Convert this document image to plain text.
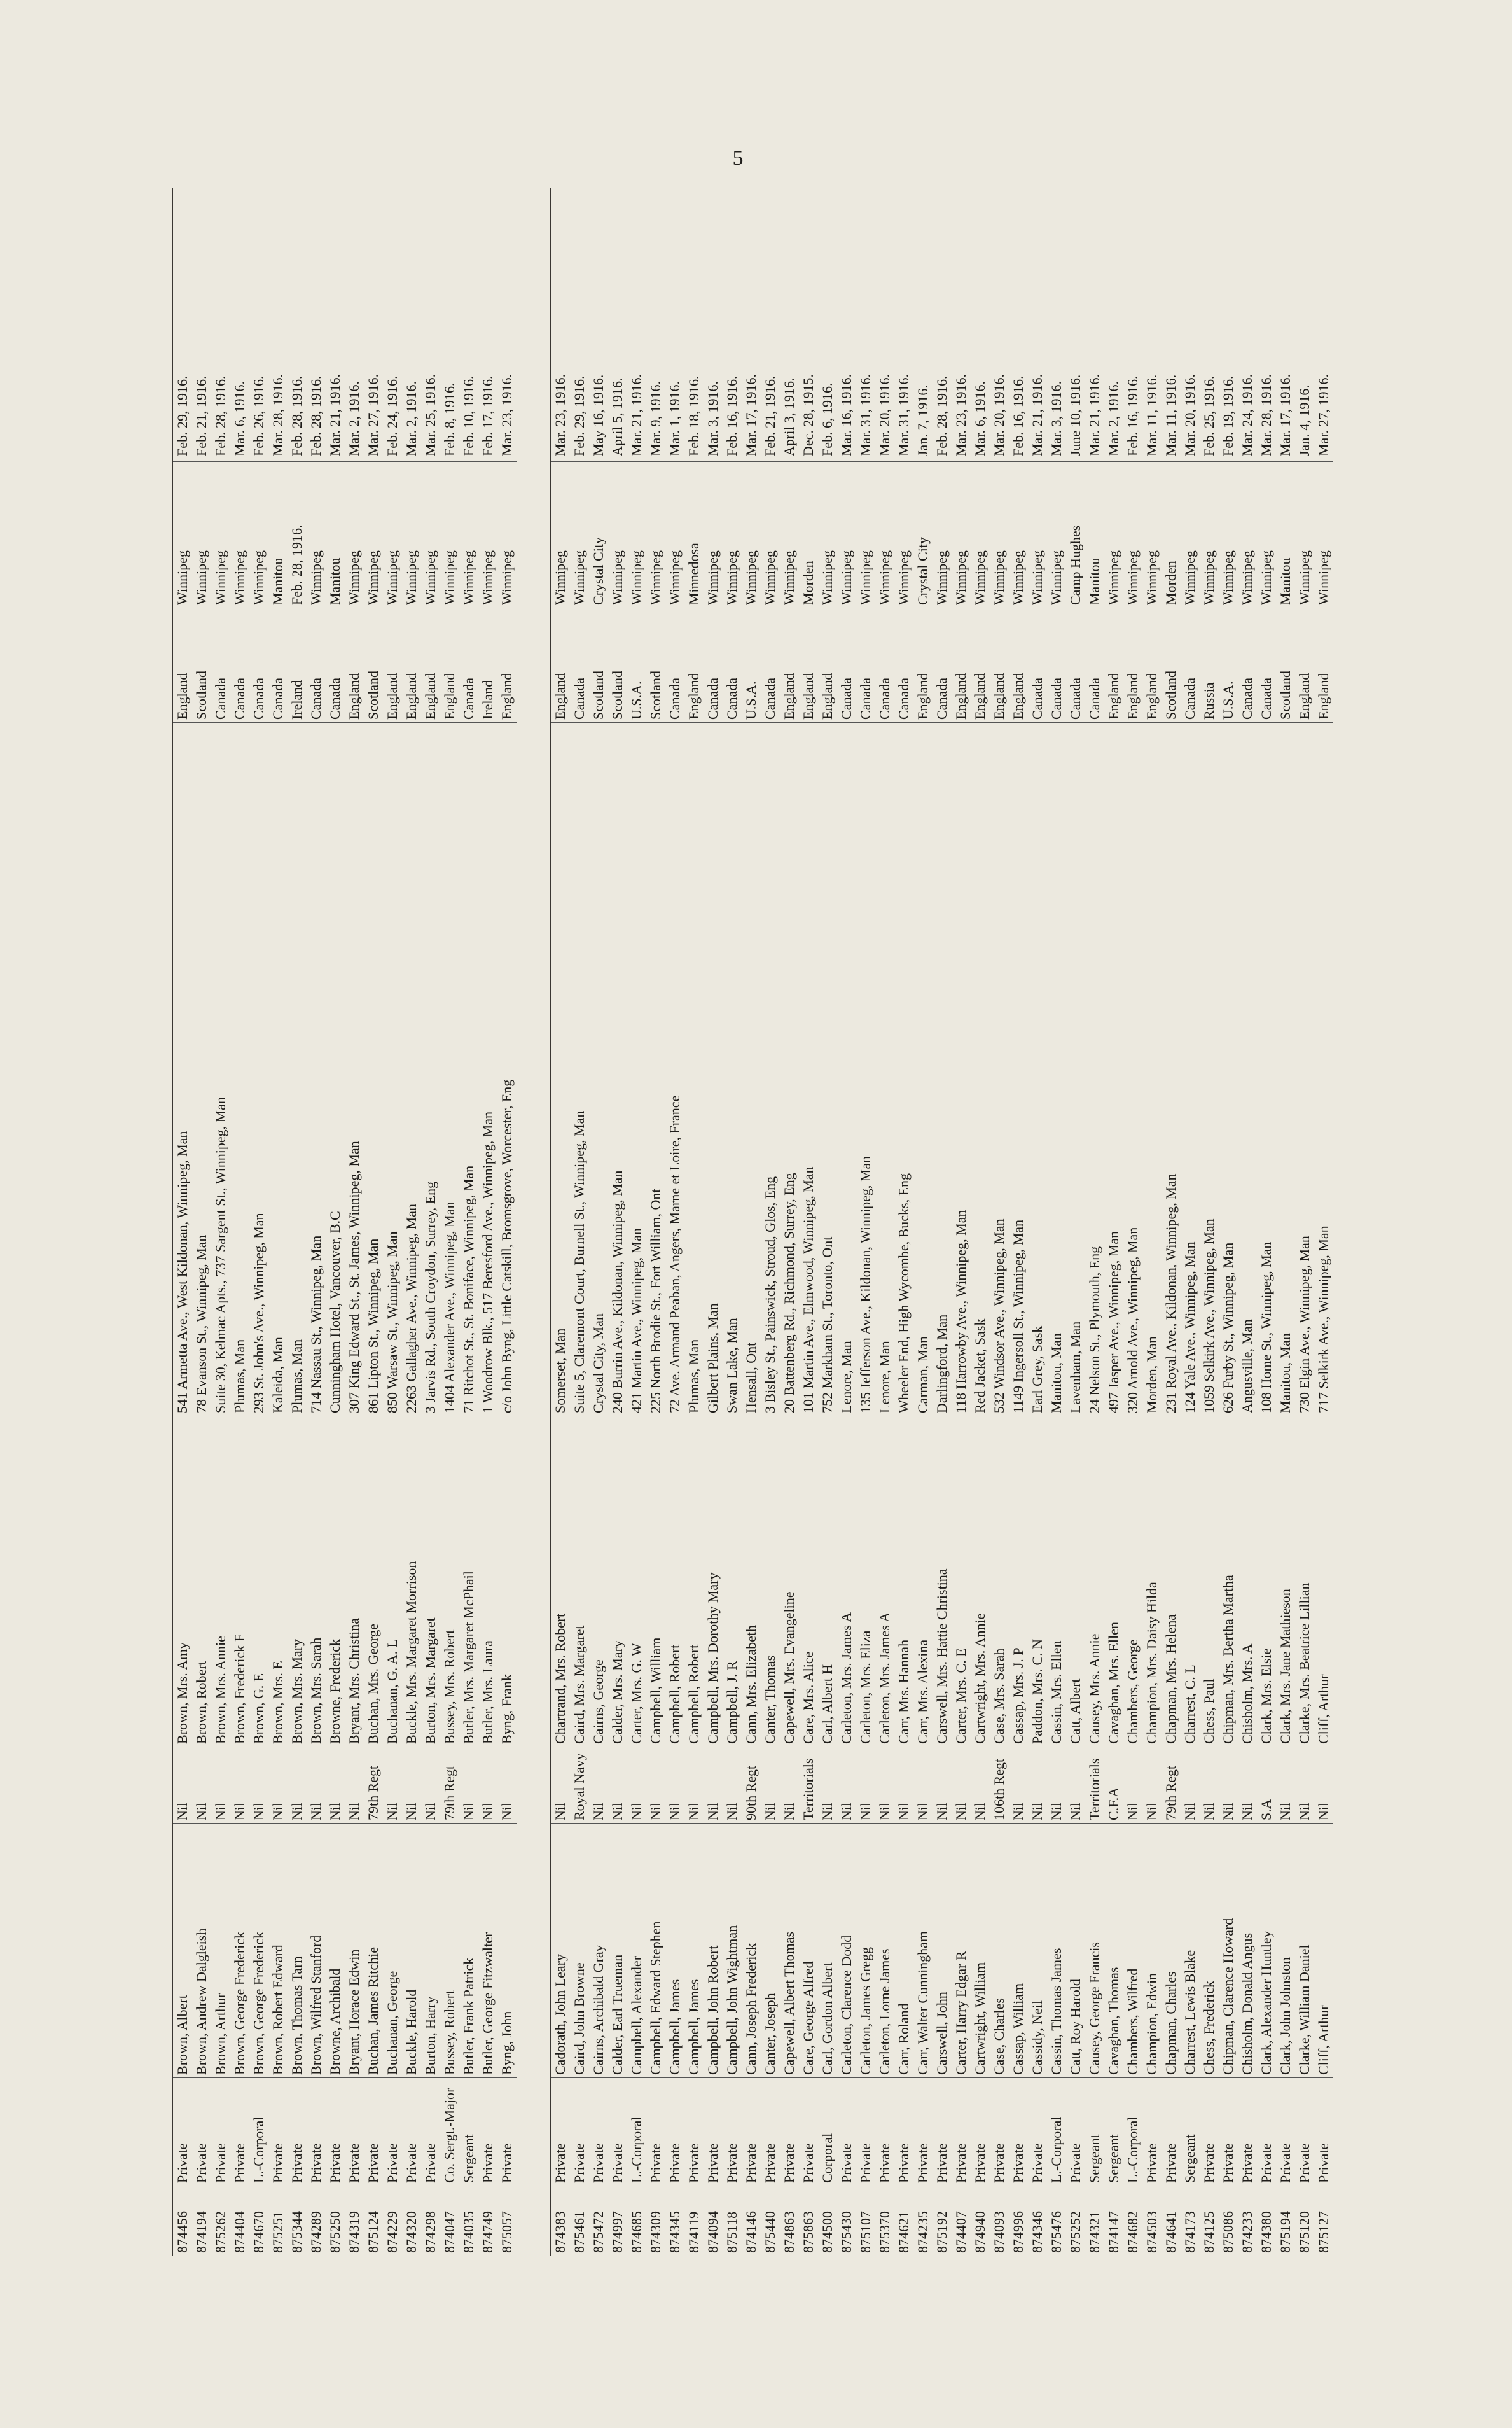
5
874456
Private
Brown, Albert
Nil
Brown, Mrs. Amy
541 Armetta Ave., West Kildonan, Winnipeg, Man
England
Winnipeg
Feb. 29, 1916.
874194
Private
Brown, Andrew Dalgleish
Nil
Brown, Robert
78 Evanson St., Winnipeg, Man
Scotland
Winnipeg
Feb. 21, 1916.
875262
Private
Brown, Arthur
Nil
Brown, Mrs. Annie
Suite 30, Kelmac Apts., 737 Sargent St., Winnipeg, Man
Canada
Winnipeg
Feb. 28, 1916.
874404
Private
Brown, George Frederick
Nil
Brown, Frederick F
Plumas, Man
Canada
Winnipeg
Mar. 6, 1916.
874670
L.-Corporal
Brown, George Frederick
Nil
Brown, G. E
293 St. John's Ave., Winnipeg, Man
Canada
Winnipeg
Feb. 26, 1916.
875251
Private
Brown, Robert Edward
Nil
Brown, Mrs. E
Kaleida, Man
Canada
Manitou
Mar. 28, 1916.
875344
Private
Brown, Thomas Tarn
Nil
Brown, Mrs. Mary
Plumas, Man
Ireland
Feb. 28, 1916.
Feb. 28, 1916.
874289
Private
Brown, Wilfred Stanford
Nil
Brown, Mrs. Sarah
714 Nassau St., Winnipeg, Man
Canada
Winnipeg
Feb. 28, 1916.
875250
Private
Browne, Archibald
Nil
Browne, Frederick
Cunningham Hotel, Vancouver, B.C
Canada
Manitou
Mar. 21, 1916.
874319
Private
Bryant, Horace Edwin
Nil
Bryant, Mrs. Christina
307 King Edward St., St. James, Winnipeg, Man
England
Winnipeg
Mar. 2, 1916.
875124
Private
Buchan, James Ritchie
79th Regt
Buchan, Mrs. George
861 Lipton St., Winnipeg, Man
Scotland
Winnipeg
Mar. 27, 1916.
874229
Private
Buchanan, George
Nil
Buchanan, G. A. L
850 Warsaw St., Winnipeg, Man
England
Winnipeg
Feb. 24, 1916.
874320
Private
Buckle, Harold
Nil
Buckle, Mrs. Margaret Morrison
2263 Gallagher Ave., Winnipeg, Man
England
Winnipeg
Mar. 2, 1916.
874298
Private
Burton, Harry
Nil
Burton, Mrs. Margaret
3 Jarvis Rd., South Croydon, Surrey, Eng
England
Winnipeg
Mar. 25, 1916.
874047
Co. Sergt.-Major
Bussey, Robert
79th Regt
Bussey, Mrs. Robert
1404 Alexander Ave., Winnipeg, Man
England
Winnipeg
Feb. 8, 1916.
874035
Sergeant
Butler, Frank Patrick
Nil
Butler, Mrs. Margaret McPhail
71 Ritchot St., St. Boniface, Winnipeg, Man
Canada
Winnipeg
Feb. 10, 1916.
874749
Private
Butler, George Fitzwalter
Nil
Butler, Mrs. Laura
1 Woodrow Blk., 517 Beresford Ave., Winnipeg, Man
Ireland
Winnipeg
Feb. 17, 1916.
875057
Private
Byng, John
Nil
Byng, Frank
c/o John Byng, Little Catskill, Bromsgrove, Worcester, Eng
England
Winnipeg
Mar. 23, 1916.
874383
Private
Cadorath, John Leary
Nil
Chartrand, Mrs. Robert
Somerset, Man
England
Winnipeg
Mar. 23, 1916.
875461
Private
Caird, John Browne
Royal Navy
Caird, Mrs. Margaret
Suite 5, Claremont Court, Burnell St., Winnipeg, Man
Canada
Winnipeg
Feb. 29, 1916.
875472
Private
Cairns, Archibald Gray
Nil
Cairns, George
Crystal City, Man
Scotland
Crystal City
May 16, 1916.
874997
Private
Calder, Earl Trueman
Nil
Calder, Mrs. Mary
240 Burrin Ave., Kildonan, Winnipeg, Man
Scotland
Winnipeg
April 5, 1916.
874685
L.-Corporal
Campbell, Alexander
Nil
Carter, Mrs. G. W
421 Martin Ave., Winnipeg, Man
U.S.A.
Winnipeg
Mar. 21, 1916.
874309
Private
Campbell, Edward Stephen
Nil
Campbell, William
225 North Brodie St., Fort William, Ont
Scotland
Winnipeg
Mar. 9, 1916.
874345
Private
Campbell, James
Nil
Campbell, Robert
72 Ave. Armand Peaban, Angers, Marne et Loire, France
Canada
Winnipeg
Mar. 1, 1916.
874119
Private
Campbell, James
Nil
Campbell, Robert
Plumas, Man
England
Minnedosa
Feb. 18, 1916.
874094
Private
Campbell, John Robert
Nil
Campbell, Mrs. Dorothy Mary
Gilbert Plains, Man
Canada
Winnipeg
Mar. 3, 1916.
875118
Private
Campbell, John Wightman
Nil
Campbell, J. R
Swan Lake, Man
Canada
Winnipeg
Feb. 16, 1916.
874146
Private
Cann, Joseph Frederick
90th Regt
Cann, Mrs. Elizabeth
Hensall, Ont
U.S.A.
Winnipeg
Mar. 17, 1916.
875440
Private
Canter, Joseph
Nil
Canter, Thomas
3 Bisley St., Painswick, Stroud, Glos, Eng
Canada
Winnipeg
Feb. 21, 1916.
874863
Private
Capewell, Albert Thomas
Nil
Capewell, Mrs. Evangeline
20 Battenberg Rd., Richmond, Surrey, Eng
England
Winnipeg
April 3, 1916.
875863
Private
Care, George Alfred
Territorials
Care, Mrs. Alice
101 Martin Ave., Elmwood, Winnipeg, Man
England
Morden
Dec. 28, 1915.
874500
Corporal
Carl, Gordon Albert
Nil
Carl, Albert H
752 Markham St., Toronto, Ont
England
Winnipeg
Feb. 6, 1916.
875430
Private
Carleton, Clarence Dodd
Nil
Carleton, Mrs. James A
Lenore, Man
Canada
Winnipeg
Mar. 16, 1916.
875107
Private
Carleton, James Gregg
Nil
Carleton, Mrs. Eliza
135 Jefferson Ave., Kildonan, Winnipeg, Man
Canada
Winnipeg
Mar. 31, 1916.
875370
Private
Carleton, Lorne James
Nil
Carleton, Mrs. James A
Lenore, Man
Canada
Winnipeg
Mar. 20, 1916.
874621
Private
Carr, Roland
Nil
Carr, Mrs. Hannah
Wheeler End, High Wycombe, Bucks, Eng
Canada
Winnipeg
Mar. 31, 1916.
874235
Private
Carr, Walter Cunningham
Nil
Carr, Mrs. Alexina
Carman, Man
England
Crystal City
Jan. 7, 1916.
875192
Private
Carswell, John
Nil
Carswell, Mrs. Hattie Christina
Darlingford, Man
Canada
Winnipeg
Feb. 28, 1916.
874407
Private
Carter, Harry Edgar R
Nil
Carter, Mrs. C. E
118 Harrowby Ave., Winnipeg, Man
England
Winnipeg
Mar. 23, 1916.
874940
Private
Cartwright, William
Nil
Cartwright, Mrs. Annie
Red Jacket, Sask
England
Winnipeg
Mar. 6, 1916.
874093
Private
Case, Charles
106th Regt
Case, Mrs. Sarah
532 Windsor Ave., Winnipeg, Man
England
Winnipeg
Mar. 20, 1916.
874996
Private
Cassap, William
Nil
Cassap, Mrs. J. P
1149 Ingersoll St., Winnipeg, Man
England
Winnipeg
Feb. 16, 1916.
874346
Private
Cassidy, Neil
Nil
Paddon, Mrs. C. N
Earl Grey, Sask
Canada
Winnipeg
Mar. 21, 1916.
875476
L.-Corporal
Cassin, Thomas James
Nil
Cassin, Mrs. Ellen
Manitou, Man
Canada
Winnipeg
Mar. 3, 1916.
875252
Private
Catt, Roy Harold
Nil
Catt, Albert
Lavenham, Man
Canada
Camp Hughes
June 10, 1916.
874321
Sergeant
Causey, George Francis
Territorials
Causey, Mrs. Annie
24 Nelson St., Plymouth, Eng
Canada
Manitou
Mar. 21, 1916.
874147
Sergeant
Cavaghan, Thomas
C.F.A
Cavaghan, Mrs. Ellen
497 Jasper Ave., Winnipeg, Man
England
Winnipeg
Mar. 2, 1916.
874682
L.-Corporal
Chambers, Wilfred
Nil
Chambers, George
320 Arnold Ave., Winnipeg, Man
England
Winnipeg
Feb. 16, 1916.
874503
Private
Champion, Edwin
Nil
Champion, Mrs. Daisy Hilda
Morden, Man
England
Winnipeg
Mar. 11, 1916.
874641
Private
Chapman, Charles
79th Regt
Chapman, Mrs. Helena
231 Royal Ave., Kildonan, Winnipeg, Man
Scotland
Morden
Mar. 11, 1916.
874173
Sergeant
Charrest, Lewis Blake
Nil
Charrest, C. L
124 Yale Ave., Winnipeg, Man
Canada
Winnipeg
Mar. 20, 1916.
874125
Private
Chess, Frederick
Nil
Chess, Paul
1059 Selkirk Ave., Winnipeg, Man
Russia
Winnipeg
Feb. 25, 1916.
875086
Private
Chipman, Clarence Howard
Nil
Chipman, Mrs. Bertha Martha
626 Furby St., Winnipeg, Man
U.S.A.
Winnipeg
Feb. 19, 1916.
874233
Private
Chisholm, Donald Angus
Nil
Chisholm, Mrs. A
Angusville, Man
Canada
Winnipeg
Mar. 24, 1916.
874380
Private
Clark, Alexander Huntley
S.A
Clark, Mrs. Elsie
108 Home St., Winnipeg, Man
Canada
Winnipeg
Mar. 28, 1916.
875194
Private
Clark, John Johnston
Nil
Clark, Mrs. Jane Mathieson
Manitou, Man
Scotland
Manitou
Mar. 17, 1916.
875120
Private
Clarke, William Daniel
Nil
Clarke, Mrs. Beatrice Lillian
730 Elgin Ave., Winnipeg, Man
England
Winnipeg
Jan. 4, 1916.
875127
Private
Cliff, Arthur
Nil
Cliff, Arthur
717 Selkirk Ave., Winnipeg, Man
England
Winnipeg
Mar. 27, 1916.
